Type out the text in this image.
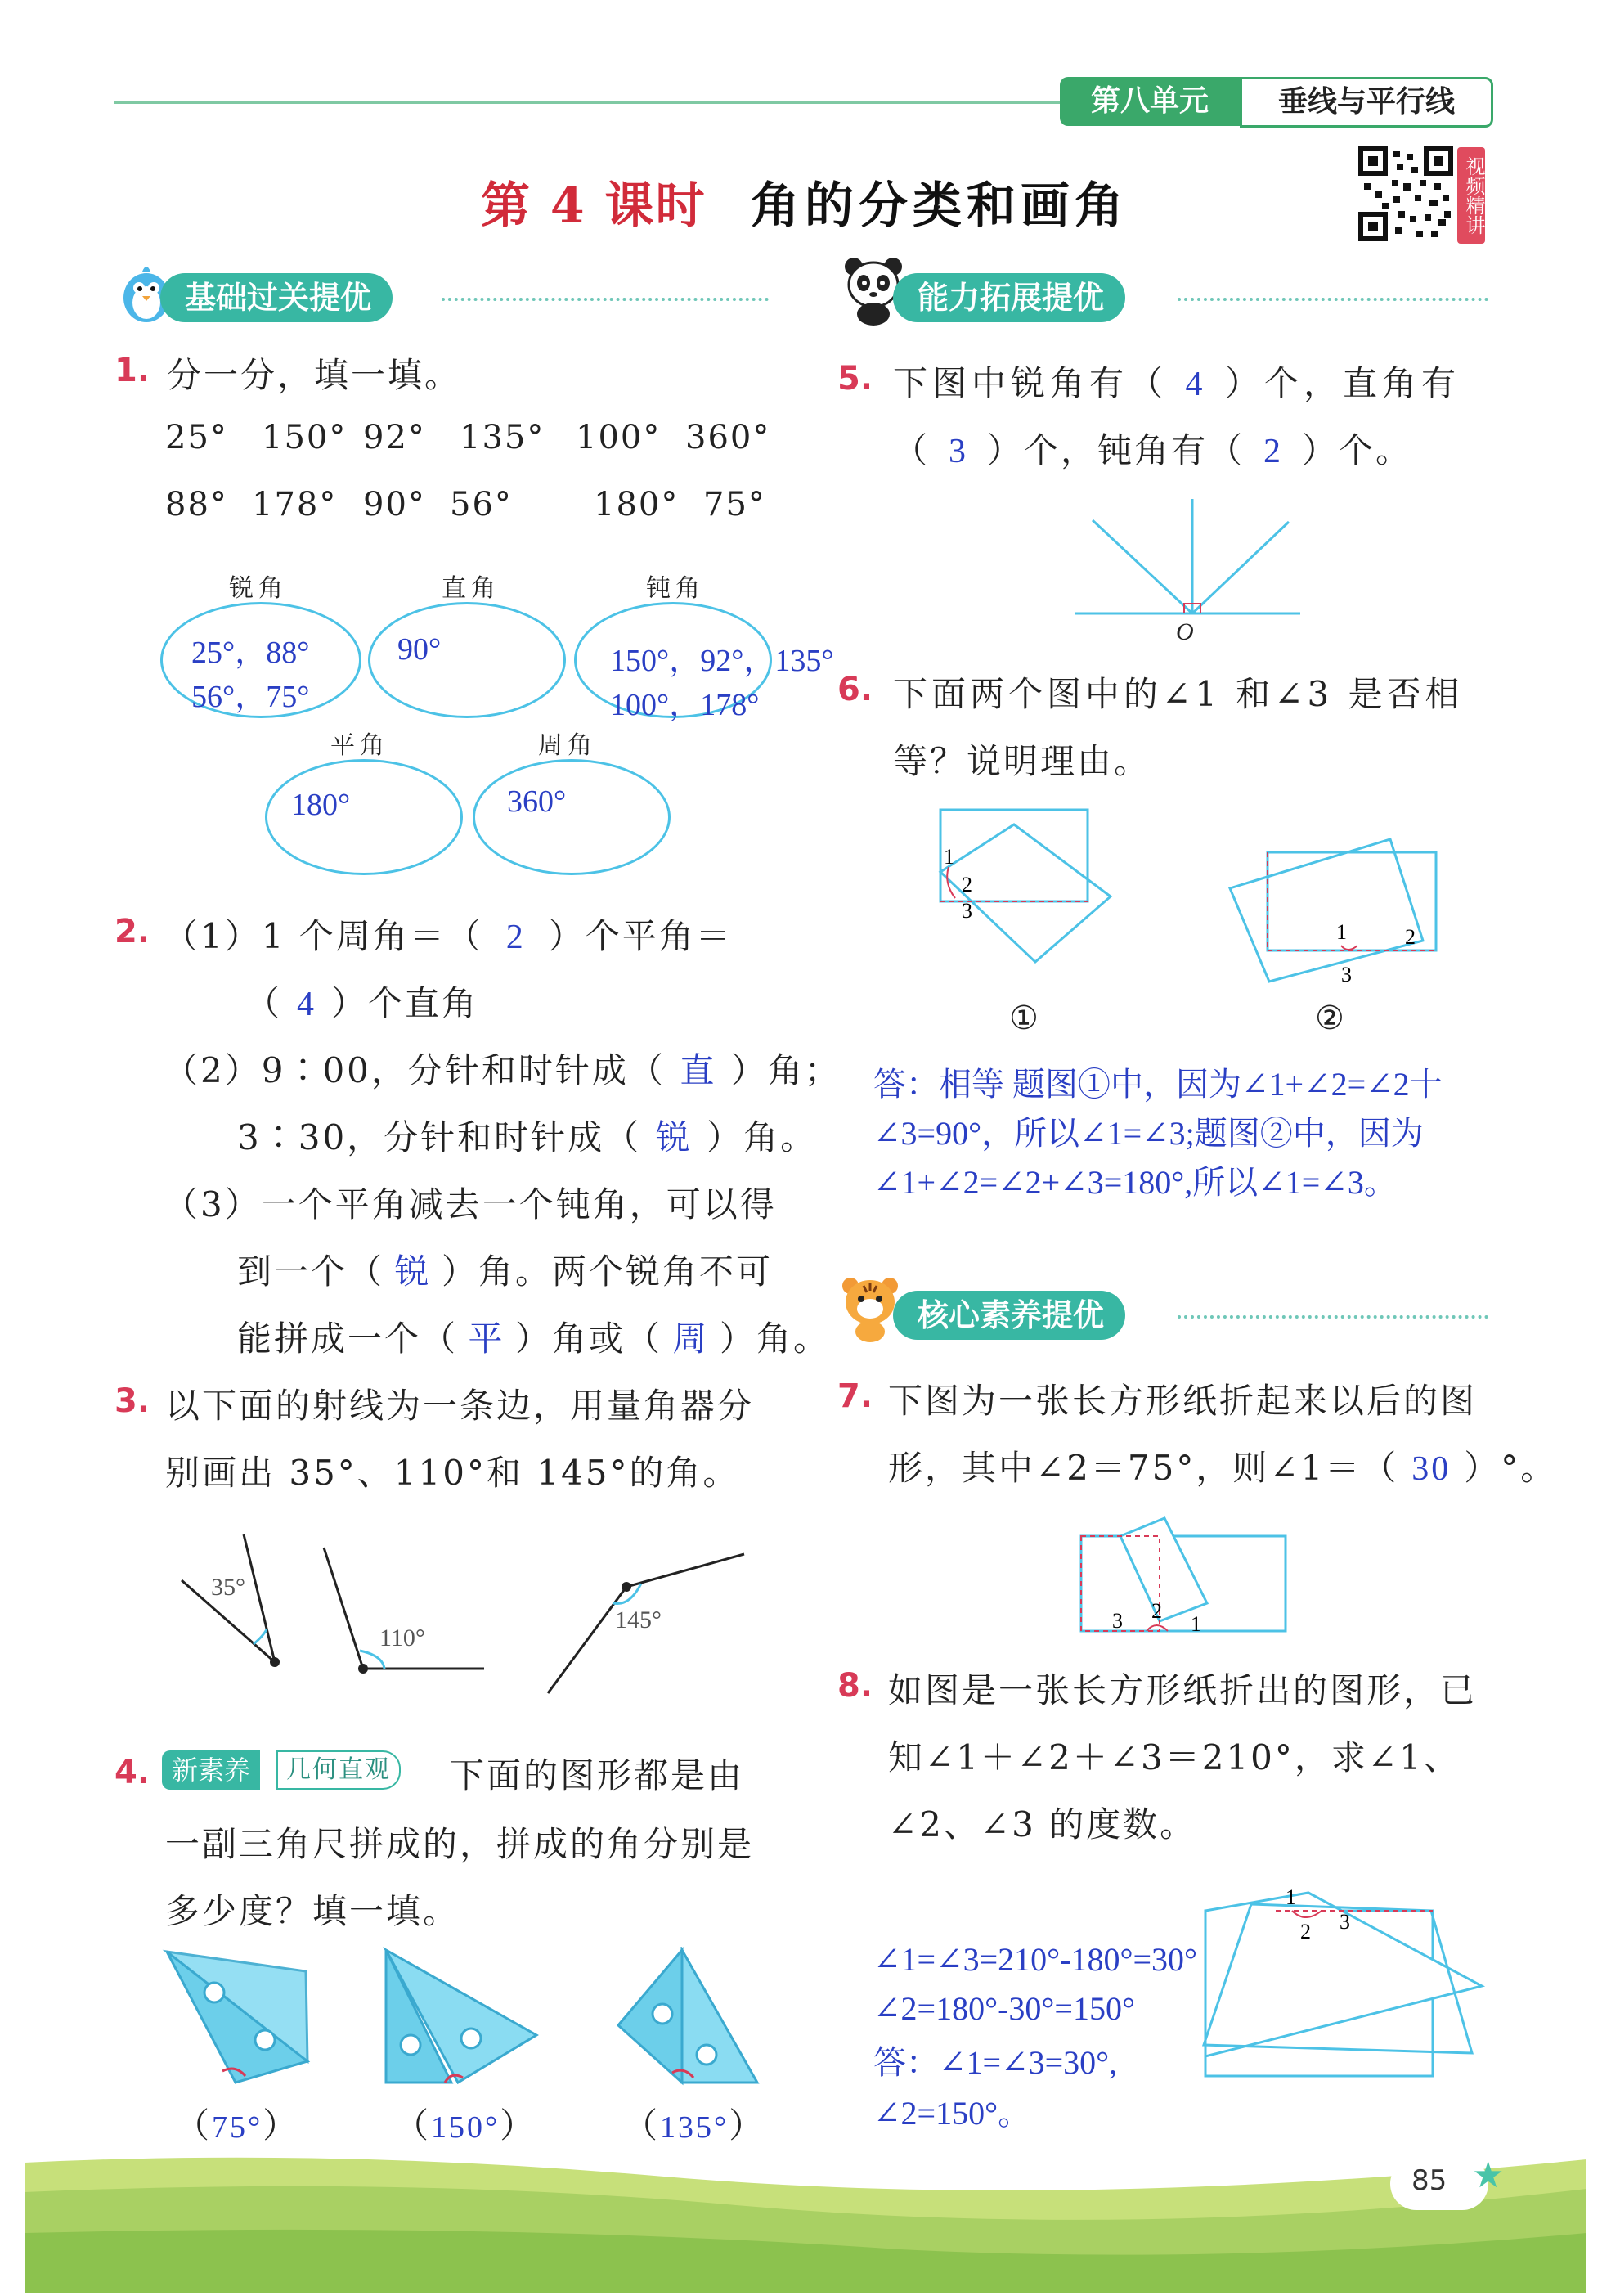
第八单元	垂线与平行线
视频精讲
第 4 课时 角的分类和画角
基础过关提优	能力拓展提优
1. 分一分，填一填。
25° 150° 92° 135° 100° 360°
88° 178° 90° 56° 180° 75°
锐角
25°，88°
56°，75°
直角
90°
钝角
150°，92°，135°
100°，178°
平角
180°
周角
360°
2. （1）1 个周角＝（ 2 ）个平角＝
（ 4 ）个直角
（2）9∶00，分针和时针成（ 直 ）角；
3∶30，分针和时针成（ 锐 ）角。
（3）一个平角减去一个钝角，可以得
到一个（ 锐 ）角。两个锐角不可
能拼成一个（ 平 ）角或（ 周 ）角。
3. 以下面的射线为一条边，用量角器分
别画出 35°、110°和 145°的角。
35°
110°
145°
4. 新素养	几何直观 下面的图形都是由
一副三角尺拼成的，拼成的角分别是
多少度？填一填。
（75°）	（150°）	（135°）
5. 下图中锐角有（ 4 ）个，直角有
（ 3 ）个，钝角有（ 2 ）个。
O
6. 下面两个图中的∠1 和∠3 是否相
等？说明理由。
1
2
3
1	2
3
①	②
答：相等 题图①中，因为∠1+∠2=∠2十
∠3=90°，所以∠1=∠3;题图②中，因为
∠1+∠2=∠2+∠3=180°,所以∠1=∠3。
核心素养提优
7. 下图为一张长方形纸折起来以后的图
形，其中∠2＝75°，则∠1＝（ 30 ）°。
3 2
1
8. 如图是一张长方形纸折出的图形，已
知∠1＋∠2＋∠3＝210°，求∠1、
∠2、∠3 的度数。
1
2 3
∠1=∠3=210°-180°=30°
∠2=180°-30°=150°
答：∠1=∠3=30°,
∠2=150°。
85 ★
